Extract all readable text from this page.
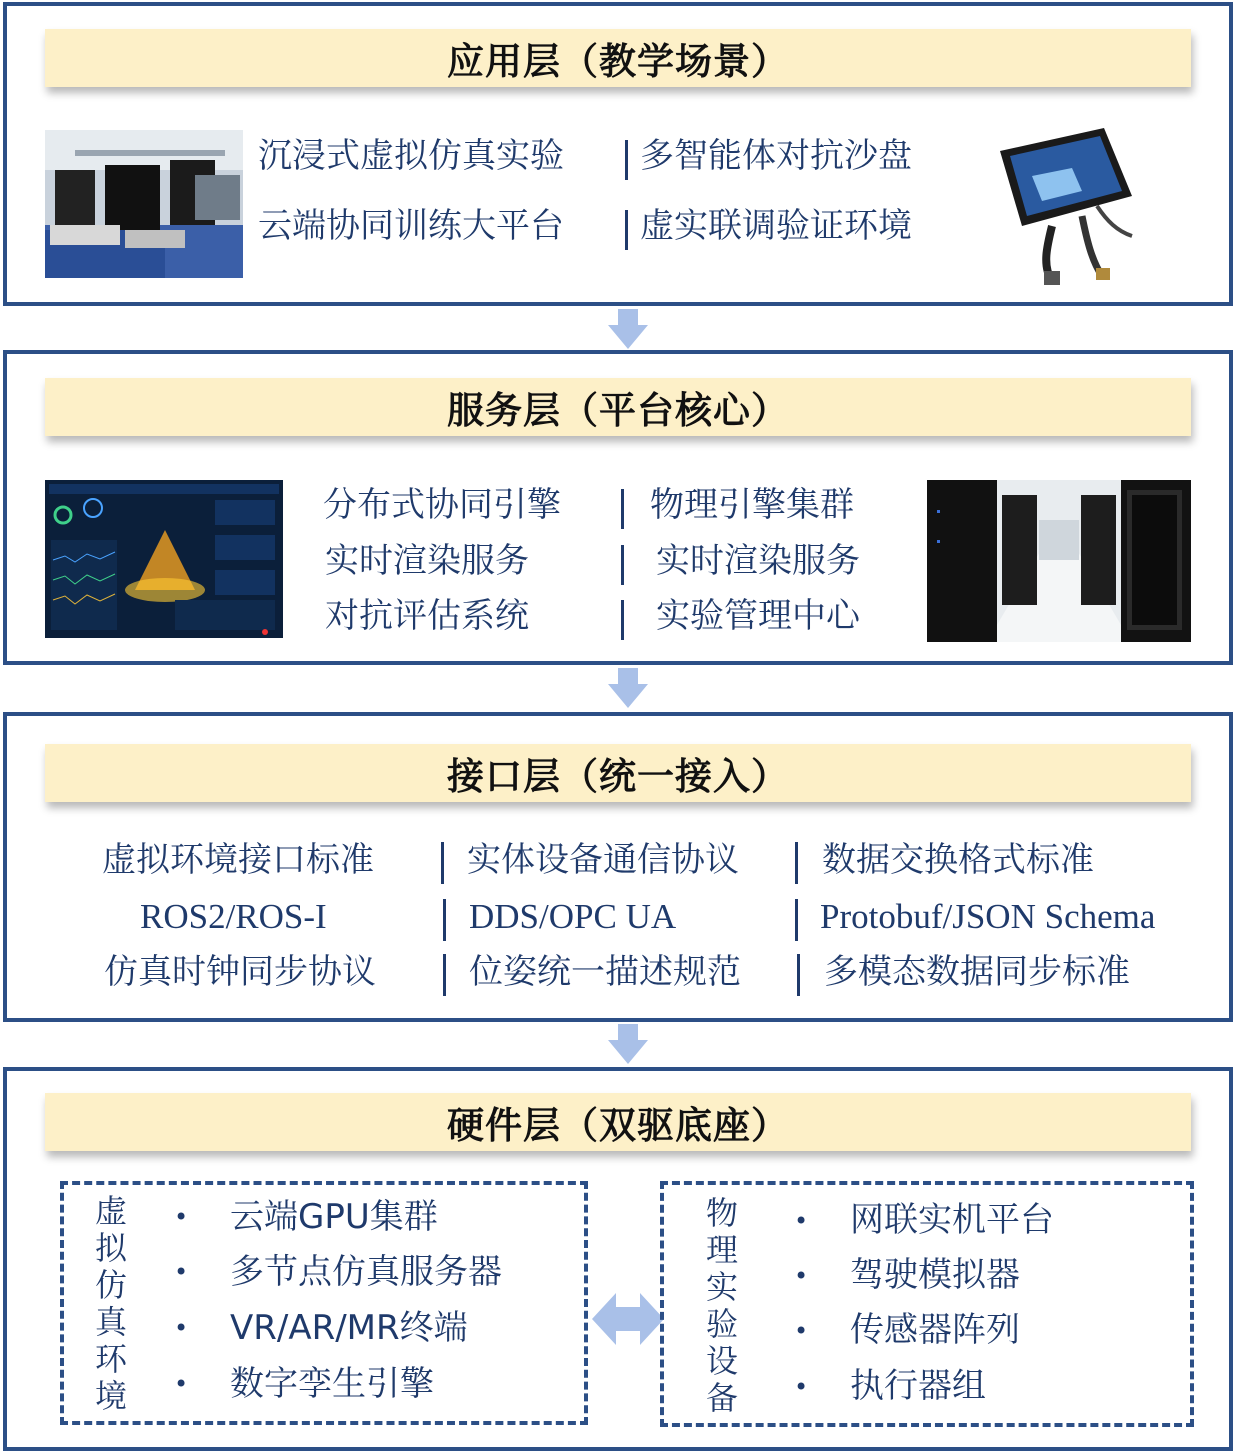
应用层（教学场景）
沉浸式虚拟仿真实验 多智能体对抗沙盘
云端协同训练大平台 虚实联调验证环境
服务层（平台核心）
分布式协同引擎	物理引擎集群
实时渲染服务	实时渲染服务
对抗评估系统	实验管理中心
接口层（统一接入）
虚拟环境接口标准	实体设备通信协议 数据交换格式标准
ROS2/ROS-I	DDS/OPC UA	Protobuf/JSON Schema
仿真时钟同步协议	位姿统一描述规范 多模态数据同步标准
硬件层（双驱底座）
虚
拟
仿
真
环
境
• 云端GPU集群
• 多节点仿真服务器
• VR/AR/MR终端
• 数字孪生引擎
物
理
实
验
设
备
• 网联实机平台
• 驾驶模拟器
• 传感器阵列
• 执行器组
